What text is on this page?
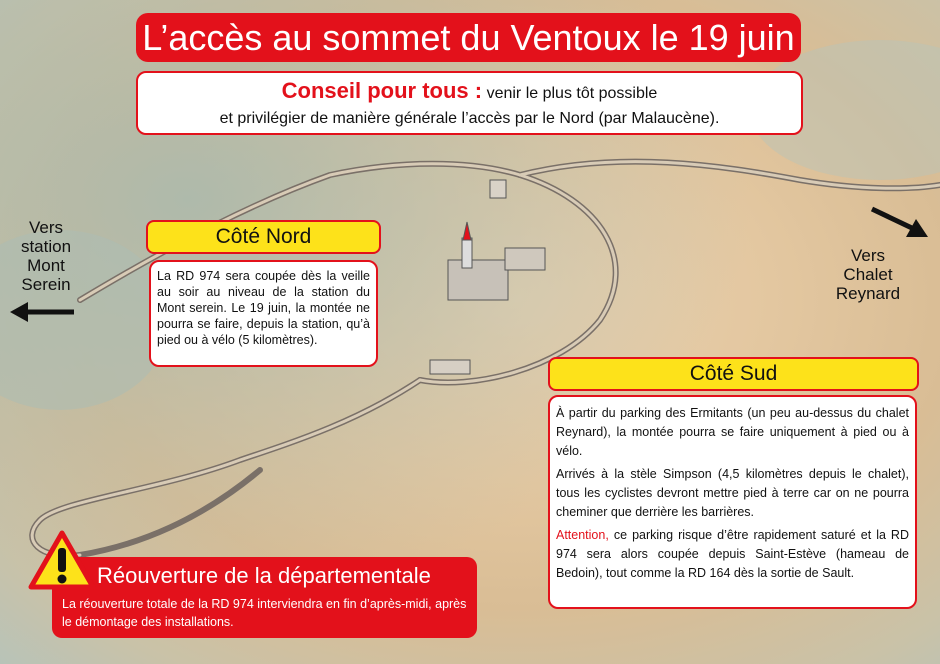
L’accès au sommet du Ventoux le 19 juin
Conseil pour tous : venir le plus tôt possible
et privilégier de manière générale l’accès par le Nord (par Malaucène).
Vers station Mont Serein
Vers Chalet Reynard
Côté Nord
La RD 974 sera coupée dès la veille au soir au niveau de la station du Mont serein. Le 19 juin, la montée ne pourra se faire, depuis la station, qu’à pied ou à vélo (5 kilomètres).
Côté Sud

À partir du parking des Ermitants (un peu au-dessus du chalet Reynard), la montée pourra se faire uniquement à pied ou à vélo.

Arrivés à la stèle Simpson (4,5 kilomètres depuis le chalet), tous les cyclistes devront mettre pied à terre car on ne pourra cheminer que derrière les barrières.

Attention, ce parking risque d’être rapidement saturé et la RD 974 sera alors coupée depuis Saint-Estève (hameau de Bedoin), tout comme la RD 164 dès la sortie de Sault.

Réouverture de la départementale
La réouverture totale de la RD 974 interviendra en fin d’après-midi, après le démontage des installations.
